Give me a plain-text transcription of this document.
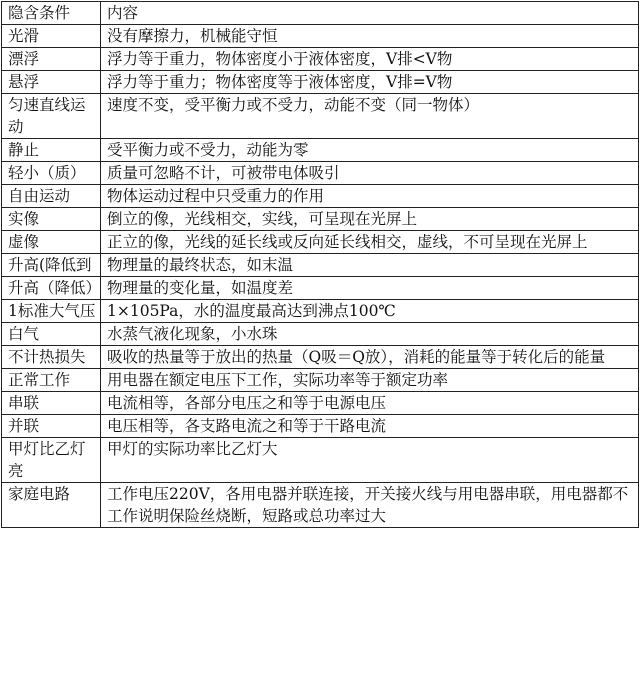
隐含条件	内容
光滑	没有摩擦力，机械能守恒
漂浮	浮力等于重力，物体密度小于液体密度，V排<V物
悬浮	浮力等于重力；物体密度等于液体密度，V排=V物
匀速直线运动	速度不变，受平衡力或不受力，动能不变（同一物体）
静止	受平衡力或不受力，动能为零
轻小（质）	质量可忽略不计，可被带电体吸引
自由运动	物体运动过程中只受重力的作用
实像	倒立的像，光线相交，实线，可呈现在光屏上
虚像	正立的像，光线的延长线或反向延长线相交，虚线，不可呈现在光屏上
升高(降低到	物理量的最终状态，如末温
升高（降低）	物理量的变化量，如温度差
1标准大气压	1×105Pa，水的温度最高达到沸点100℃
白气	水蒸气液化现象，小水珠
不计热损失	吸收的热量等于放出的热量（Q吸＝Q放），消耗的能量等于转化后的能量
正常工作	用电器在额定电压下工作，实际功率等于额定功率
串联	电流相等，各部分电压之和等于电源电压
并联	电压相等，各支路电流之和等于干路电流
甲灯比乙灯亮	甲灯的实际功率比乙灯大
家庭电路	工作电压220V，各用电器并联连接，开关接火线与用电器串联，用电器都不工作说明保险丝烧断，短路或总功率过大
